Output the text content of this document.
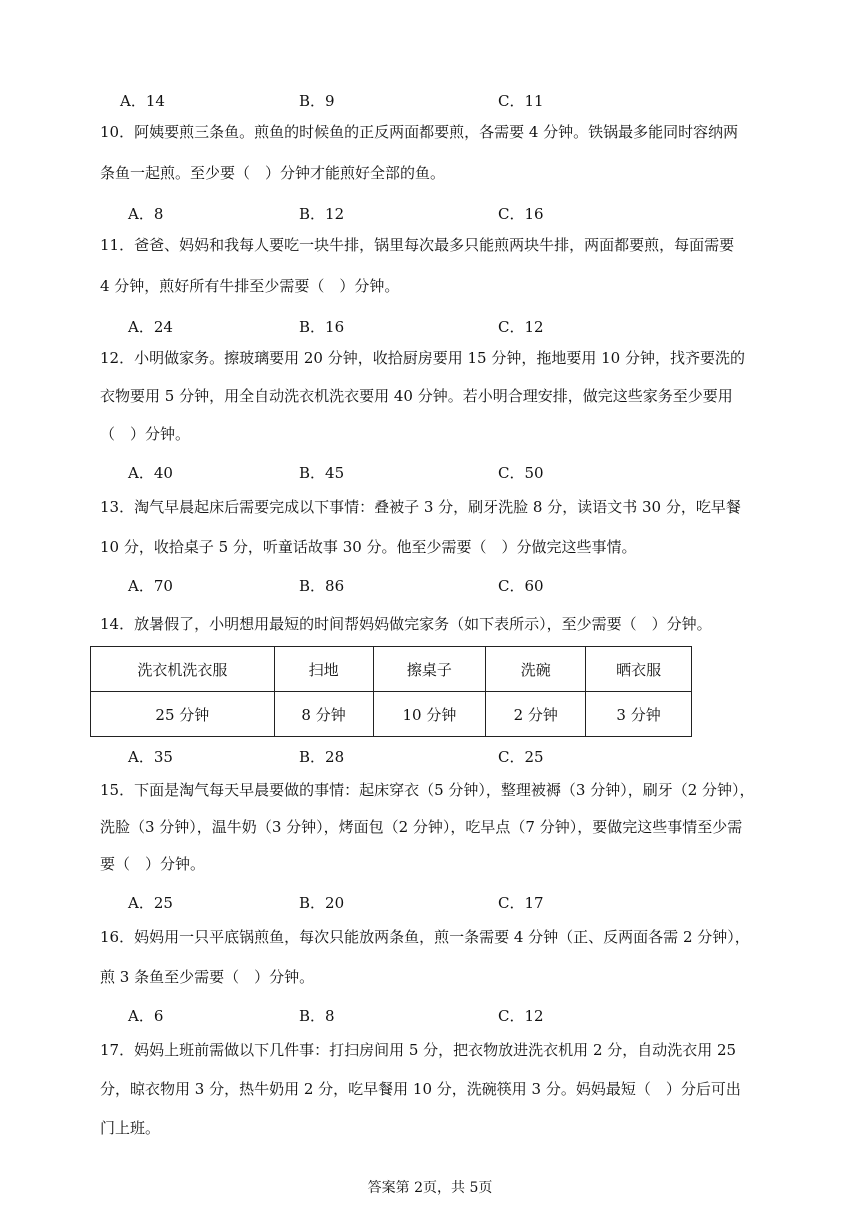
A．14	B．9	C．11
10．阿姨要煎三条鱼。煎鱼的时候鱼的正反两面都要煎，各需要 4 分钟。铁锅最多能同时容纳两
条鱼一起煎。至少要（　）分钟才能煎好全部的鱼。
A．8	B．12	C．16
11．爸爸、妈妈和我每人要吃一块牛排，锅里每次最多只能煎两块牛排，两面都要煎，每面需要
4 分钟，煎好所有牛排至少需要（　）分钟。
A．24	B．16	C．12
12．小明做家务。擦玻璃要用 20 分钟，收拾厨房要用 15 分钟，拖地要用 10 分钟，找齐要洗的
衣物要用 5 分钟，用全自动洗衣机洗衣要用 40 分钟。若小明合理安排，做完这些家务至少要用
（　）分钟。
A．40	B．45	C．50
13．淘气早晨起床后需要完成以下事情：叠被子 3 分，刷牙洗脸 8 分，读语文书 30 分，吃早餐
10 分，收拾桌子 5 分，听童话故事 30 分。他至少需要（　）分做完这些事情。
A．70	B．86	C．60
14．放暑假了，小明想用最短的时间帮妈妈做完家务（如下表所示），至少需要（　）分钟。
洗衣机洗衣服	扫地	擦桌子	洗碗	晒衣服
25 分钟	8 分钟	10 分钟	2 分钟	3 分钟
A．35	B．28	C．25
15．下面是淘气每天早晨要做的事情：起床穿衣（5 分钟），整理被褥（3 分钟），刷牙（2 分钟），
洗脸（3 分钟），温牛奶（3 分钟），烤面包（2 分钟），吃早点（7 分钟），要做完这些事情至少需
要（　）分钟。
A．25	B．20	C．17
16．妈妈用一只平底锅煎鱼，每次只能放两条鱼，煎一条需要 4 分钟（正、反两面各需 2 分钟），
煎 3 条鱼至少需要（　）分钟。
A．6	B．8	C．12
17．妈妈上班前需做以下几件事：打扫房间用 5 分，把衣物放进洗衣机用 2 分，自动洗衣用 25
分，晾衣物用 3 分，热牛奶用 2 分，吃早餐用 10 分，洗碗筷用 3 分。妈妈最短（　）分后可出
门上班。
答案第 2页，共 5页
